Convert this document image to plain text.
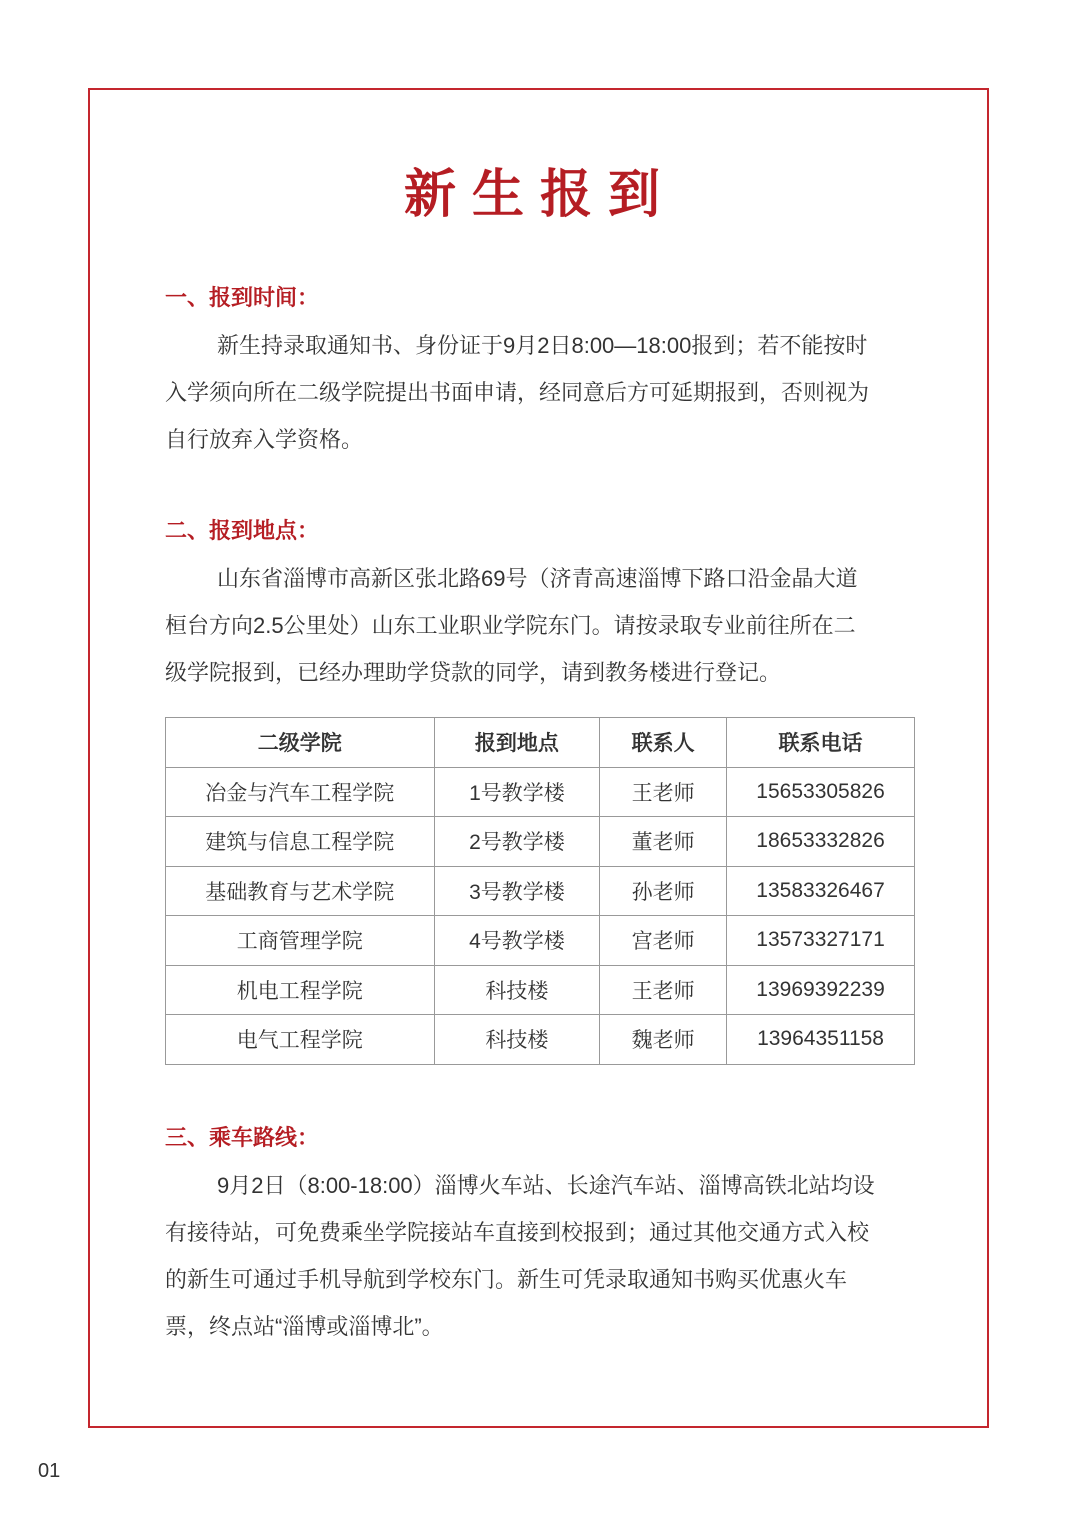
新生报到
一、报到时间：
新生持录取通知书、身份证于9月2日8:00—18:00报到；若不能按时
入学须向所在二级学院提出书面申请，经同意后方可延期报到，否则视为
自行放弃入学资格。
二、报到地点：
山东省淄博市高新区张北路69号（济青高速淄博下路口沿金晶大道
桓台方向2.5公里处）山东工业职业学院东门。请按录取专业前往所在二
级学院报到，已经办理助学贷款的同学，请到教务楼进行登记。
二级学院	报到地点	联系人	联系电话
冶金与汽车工程学院	1号教学楼	王老师	15653305826
建筑与信息工程学院	2号教学楼	董老师	18653332826
基础教育与艺术学院	3号教学楼	孙老师	13583326467
工商管理学院	4号教学楼	宫老师	13573327171
机电工程学院	科技楼	王老师	13969392239
电气工程学院	科技楼	魏老师	13964351158
三、乘车路线：
9月2日（8:00-18:00）淄博火车站、长途汽车站、淄博高铁北站均设
有接待站，可免费乘坐学院接站车直接到校报到；通过其他交通方式入校
的新生可通过手机导航到学校东门。新生可凭录取通知书购买优惠火车
票，终点站“淄博或淄博北”。
01
